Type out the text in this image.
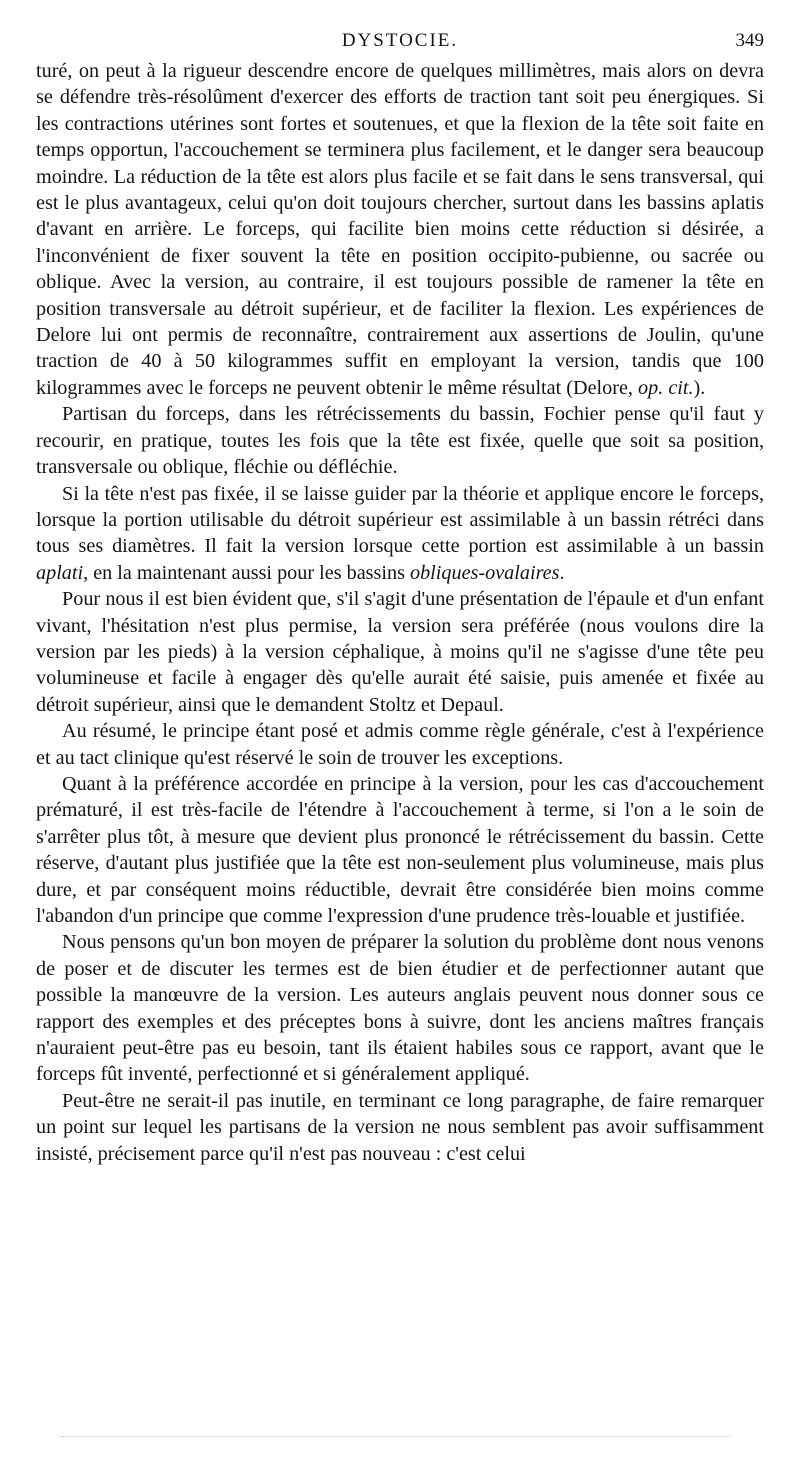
DYSTOCIE.	349

turé, on peut à la rigueur descendre encore de quelques millimètres, mais alors on devra se défendre très-résolûment d'exercer des efforts de traction tant soit peu énergiques. Si les contractions utérines sont fortes et soutenues, et que la flexion de la tête soit faite en temps opportun, l'accouchement se terminera plus facilement, et le danger sera beaucoup moindre. La réduction de la tête est alors plus facile et se fait dans le sens transversal, qui est le plus avantageux, celui qu'on doit toujours chercher, surtout dans les bassins aplatis d'avant en arrière. Le forceps, qui facilite bien moins cette réduction si désirée, a l'inconvénient de fixer souvent la tête en position occipito-pubienne, ou sacrée ou oblique. Avec la version, au contraire, il est toujours possible de ramener la tête en position transversale au détroit supérieur, et de faciliter la flexion. Les expériences de Delore lui ont permis de reconnaître, contrairement aux assertions de Joulin, qu'une traction de 40 à 50 kilogrammes suffit en employant la version, tandis que 100 kilogrammes avec le forceps ne peuvent obtenir le même résultat (Delore, op. cit.).

Partisan du forceps, dans les rétrécissements du bassin, Fochier pense qu'il faut y recourir, en pratique, toutes les fois que la tête est fixée, quelle que soit sa position, transversale ou oblique, fléchie ou défléchie.

Si la tête n'est pas fixée, il se laisse guider par la théorie et applique encore le forceps, lorsque la portion utilisable du détroit supérieur est assimilable à un bassin rétréci dans tous ses diamètres. Il fait la version lorsque cette portion est assimilable à un bassin aplati, en la maintenant aussi pour les bassins obliques-ovalaires.

Pour nous il est bien évident que, s'il s'agit d'une présentation de l'épaule et d'un enfant vivant, l'hésitation n'est plus permise, la version sera préférée (nous voulons dire la version par les pieds) à la version céphalique, à moins qu'il ne s'agisse d'une tête peu volumineuse et facile à engager dès qu'elle aurait été saisie, puis amenée et fixée au détroit supérieur, ainsi que le demandent Stoltz et Depaul.

Au résumé, le principe étant posé et admis comme règle générale, c'est à l'expérience et au tact clinique qu'est réservé le soin de trouver les exceptions.

Quant à la préférence accordée en principe à la version, pour les cas d'accouchement prématuré, il est très-facile de l'étendre à l'accouchement à terme, si l'on a le soin de s'arrêter plus tôt, à mesure que devient plus prononcé le rétrécissement du bassin. Cette réserve, d'autant plus justifiée que la tête est non-seulement plus volumineuse, mais plus dure, et par conséquent moins réductible, devrait être considérée bien moins comme l'abandon d'un principe que comme l'expression d'une prudence très-louable et justifiée.

Nous pensons qu'un bon moyen de préparer la solution du problème dont nous venons de poser et de discuter les termes est de bien étudier et de perfectionner autant que possible la manœuvre de la version. Les auteurs anglais peuvent nous donner sous ce rapport des exemples et des préceptes bons à suivre, dont les anciens maîtres français n'auraient peut-être pas eu besoin, tant ils étaient habiles sous ce rapport, avant que le forceps fût inventé, perfectionné et si généralement appliqué.

Peut-être ne serait-il pas inutile, en terminant ce long paragraphe, de faire remarquer un point sur lequel les partisans de la version ne nous semblent pas avoir suffisamment insisté, précisement parce qu'il n'est pas nouveau : c'est celui
